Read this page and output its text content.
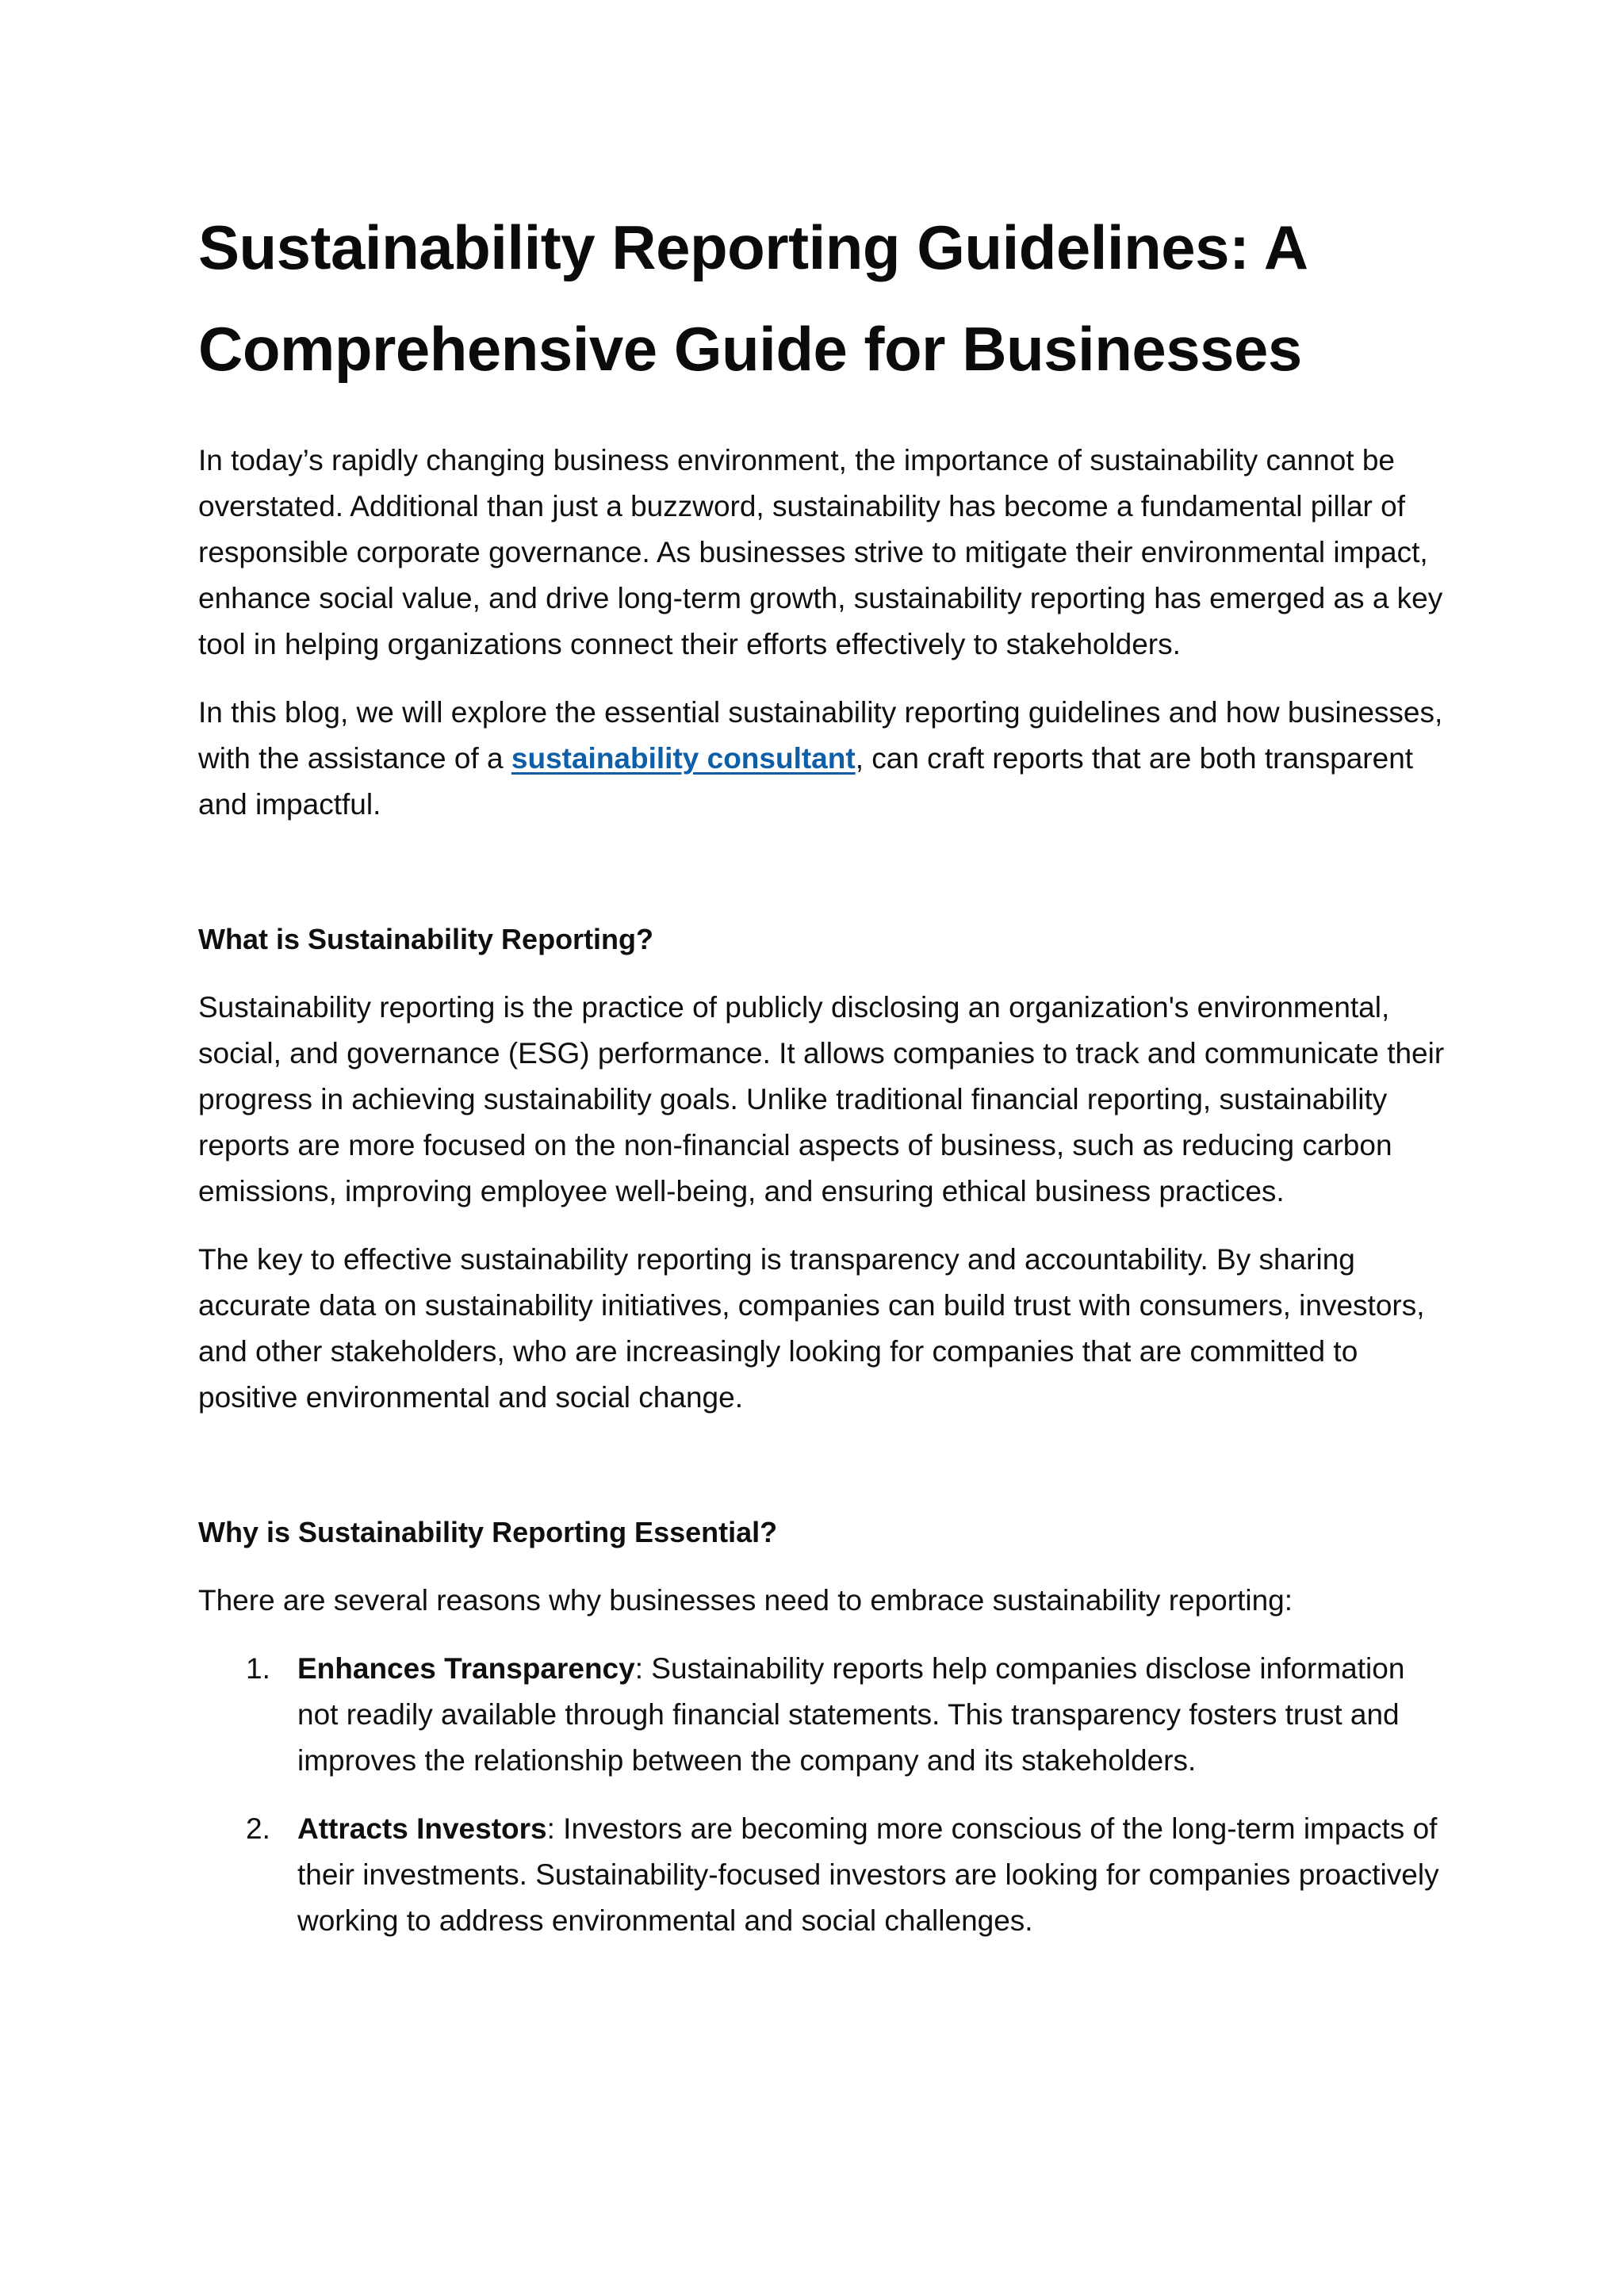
Sustainability Reporting Guidelines: A Comprehensive Guide for Businesses

In today’s rapidly changing business environment, the importance of sustainability cannot be overstated. Additional than just a buzzword, sustainability has become a fundamental pillar of responsible corporate governance. As businesses strive to mitigate their environmental impact, enhance social value, and drive long-term growth, sustainability reporting has emerged as a key tool in helping organizations connect their efforts effectively to stakeholders.

In this blog, we will explore the essential sustainability reporting guidelines and how businesses, with the assistance of a sustainability consultant, can craft reports that are both transparent and impactful.

What is Sustainability Reporting?

Sustainability reporting is the practice of publicly disclosing an organization's environmental, social, and governance (ESG) performance. It allows companies to track and communicate their progress in achieving sustainability goals. Unlike traditional financial reporting, sustainability reports are more focused on the non-financial aspects of business, such as reducing carbon emissions, improving employee well-being, and ensuring ethical business practices.

The key to effective sustainability reporting is transparency and accountability. By sharing accurate data on sustainability initiatives, companies can build trust with consumers, investors, and other stakeholders, who are increasingly looking for companies that are committed to positive environmental and social change.

Why is Sustainability Reporting Essential?

There are several reasons why businesses need to embrace sustainability reporting:

1. Enhances Transparency: Sustainability reports help companies disclose information not readily available through financial statements. This transparency fosters trust and improves the relationship between the company and its stakeholders.
2. Attracts Investors: Investors are becoming more conscious of the long-term impacts of their investments. Sustainability-focused investors are looking for companies proactively working to address environmental and social challenges.
